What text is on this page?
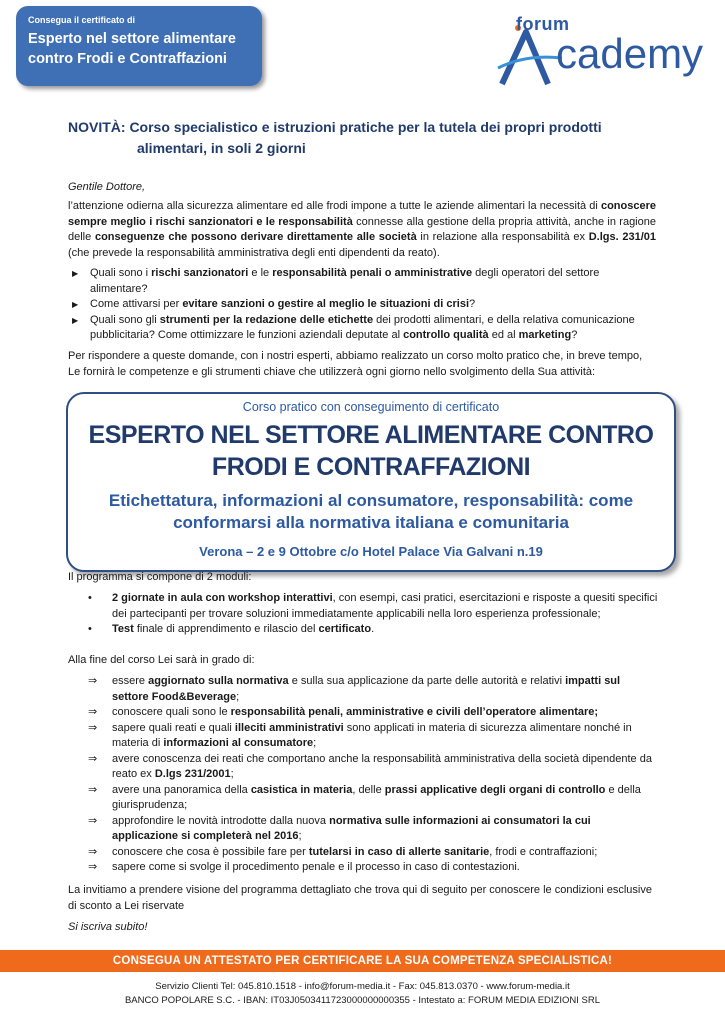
Consegua il certificato di
Esperto nel settore alimentare
contro Frodi e Contraffazioni
forum
cademy
NOVITÀ: Corso specialistico e istruzioni pratiche per la tutela dei propri prodotti
alimentari, in soli 2 giorni
Gentile Dottore,
l’attenzione odierna alla sicurezza alimentare ed alle frodi impone a tutte le aziende alimentari la necessità di conoscere sempre meglio i rischi sanzionatori e le responsabilità connesse alla gestione della propria attività, anche in ragione delle conseguenze che possono derivare direttamente alle società in relazione alla responsabilità ex D.lgs. 231/01 (che prevede la responsabilità amministrativa degli enti dipendenti da reato).
▶ Quali sono i rischi sanzionatori e le responsabilità penali o amministrative degli operatori del settore alimentare?
▶ Come attivarsi per evitare sanzioni o gestire al meglio le situazioni di crisi?
▶ Quali sono gli strumenti per la redazione delle etichette dei prodotti alimentari, e della relativa comunicazione pubblicitaria? Come ottimizzare le funzioni aziendali deputate al controllo qualità ed al marketing?
Per rispondere a queste domande, con i nostri esperti, abbiamo realizzato un corso molto pratico che, in breve tempo, Le fornirà le competenze e gli strumenti chiave che utilizzerà ogni giorno nello svolgimento della Sua attività:
Corso pratico con conseguimento di certificato
ESPERTO NEL SETTORE ALIMENTARE CONTRO
FRODI E CONTRAFFAZIONI
Etichettatura, informazioni al consumatore, responsabilità: come
conformarsi alla normativa italiana e comunitaria
Verona – 2 e 9 Ottobre c/o Hotel Palace Via Galvani n.19
Il programma si compone di 2 moduli:
• 2 giornate in aula con workshop interattivi, con esempi, casi pratici, esercitazioni e risposte a quesiti specifici dei partecipanti per trovare soluzioni immediatamente applicabili nella loro esperienza professionale;
• Test finale di apprendimento e rilascio del certificato.
Alla fine del corso Lei sarà in grado di:
⇒ essere aggiornato sulla normativa e sulla sua applicazione da parte delle autorità e relativi impatti sul settore Food&Beverage;
⇒ conoscere quali sono le responsabilità penali, amministrative e civili dell’operatore alimentare;
⇒ sapere quali reati e quali illeciti amministrativi sono applicati in materia di sicurezza alimentare nonché in materia di informazioni al consumatore;
⇒ avere conoscenza dei reati che comportano anche la responsabilità amministrativa della società dipendente da reato ex D.lgs 231/2001;
⇒ avere una panoramica della casistica in materia, delle prassi applicative degli organi di controllo e della giurisprudenza;
⇒ approfondire le novità introdotte dalla nuova normativa sulle informazioni ai consumatori la cui applicazione si completerà nel 2016;
⇒ conoscere che cosa è possibile fare per tutelarsi in caso di allerte sanitarie, frodi e contraffazioni;
⇒ sapere come si svolge il procedimento penale e il processo in caso di contestazioni.
La invitiamo a prendere visione del programma dettagliato che trova qui di seguito per conoscere le condizioni esclusive di sconto a Lei riservate
Si iscriva subito!
CONSEGUA UN ATTESTATO PER CERTIFICARE LA SUA COMPETENZA SPECIALISTICA!
Servizio Clienti Tel: 045.810.1518 - info@forum-media.it - Fax: 045.813.0370 - www.forum-media.it
BANCO POPOLARE S.C. - IBAN: IT03J0503411723000000000355 - Intestato a: FORUM MEDIA EDIZIONI SRL
